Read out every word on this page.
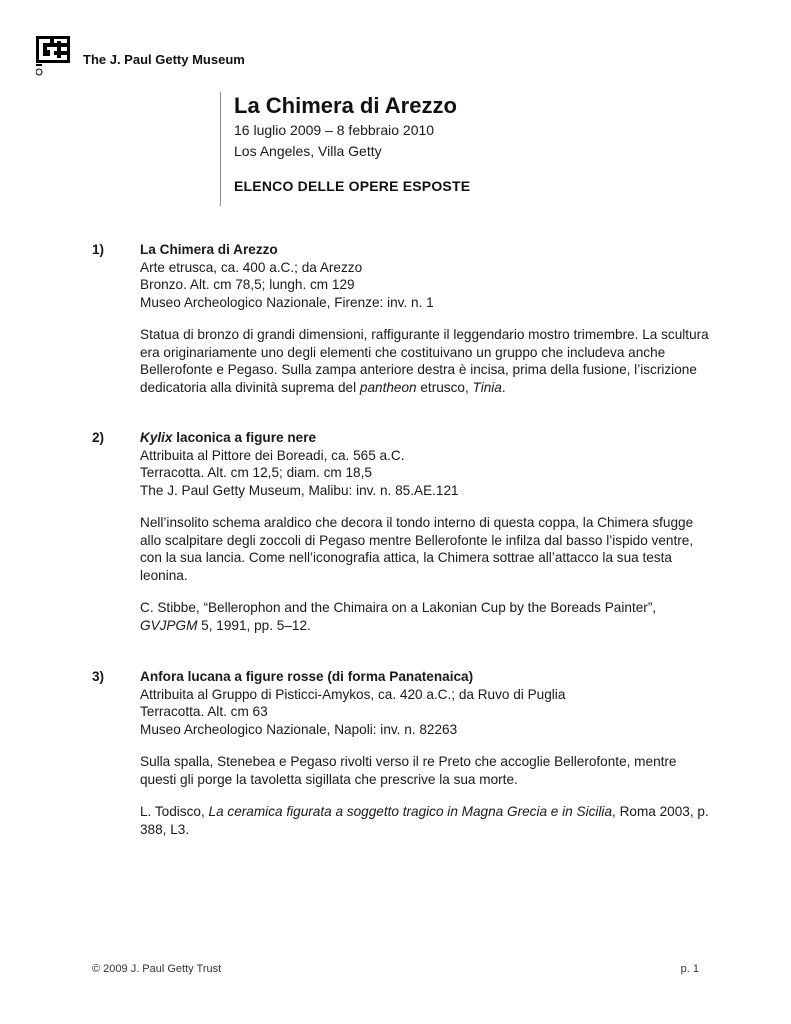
The J. Paul Getty Museum
La Chimera di Arezzo

16 luglio 2009 – 8 febbraio 2010

Los Angeles, Villa Getty

ELENCO DELLE OPERE ESPOSTE
1)	La Chimera di Arezzo
Arte etrusca, ca. 400 a.C.; da Arezzo
Bronzo. Alt. cm 78,5; lungh. cm 129
Museo Archeologico Nazionale, Firenze: inv. n. 1

Statua di bronzo di grandi dimensioni, raffigurante il leggendario mostro trimembre. La scultura era originariamente uno degli elementi che costituivano un gruppo che includeva anche Bellerofonte e Pegaso. Sulla zampa anteriore destra è incisa, prima della fusione, l’iscrizione dedicatoria alla divinità suprema del pantheon etrusco, Tinia.

2)	Kylix laconica a figure nere
Attribuita al Pittore dei Boreadi, ca. 565 a.C.
Terracotta. Alt. cm 12,5; diam. cm 18,5
The J. Paul Getty Museum, Malibu: inv. n. 85.AE.121

Nell’insolito schema araldico che decora il tondo interno di questa coppa, la Chimera sfugge allo scalpitare degli zoccoli di Pegaso mentre Bellerofonte le infilza dal basso l’ispido ventre, con la sua lancia. Come nell’iconografia attica, la Chimera sottrae all’attacco la sua testa leonina.

C. Stibbe, “Bellerophon and the Chimaira on a Lakonian Cup by the Boreads Painter”, GVJPGM 5, 1991, pp. 5–12.

3)	Anfora lucana a figure rosse (di forma Panatenaica)
Attribuita al Gruppo di Pisticci-Amykos, ca. 420 a.C.; da Ruvo di Puglia
Terracotta. Alt. cm 63
Museo Archeologico Nazionale, Napoli: inv. n. 82263

Sulla spalla, Stenebea e Pegaso rivolti verso il re Preto che accoglie Bellerofonte, mentre questi gli porge la tavoletta sigillata che prescrive la sua morte.

L. Todisco, La ceramica figurata a soggetto tragico in Magna Grecia e in Sicilia, Roma 2003, p. 388, L3.

© 2009 J. Paul Getty Trust	p. 1
